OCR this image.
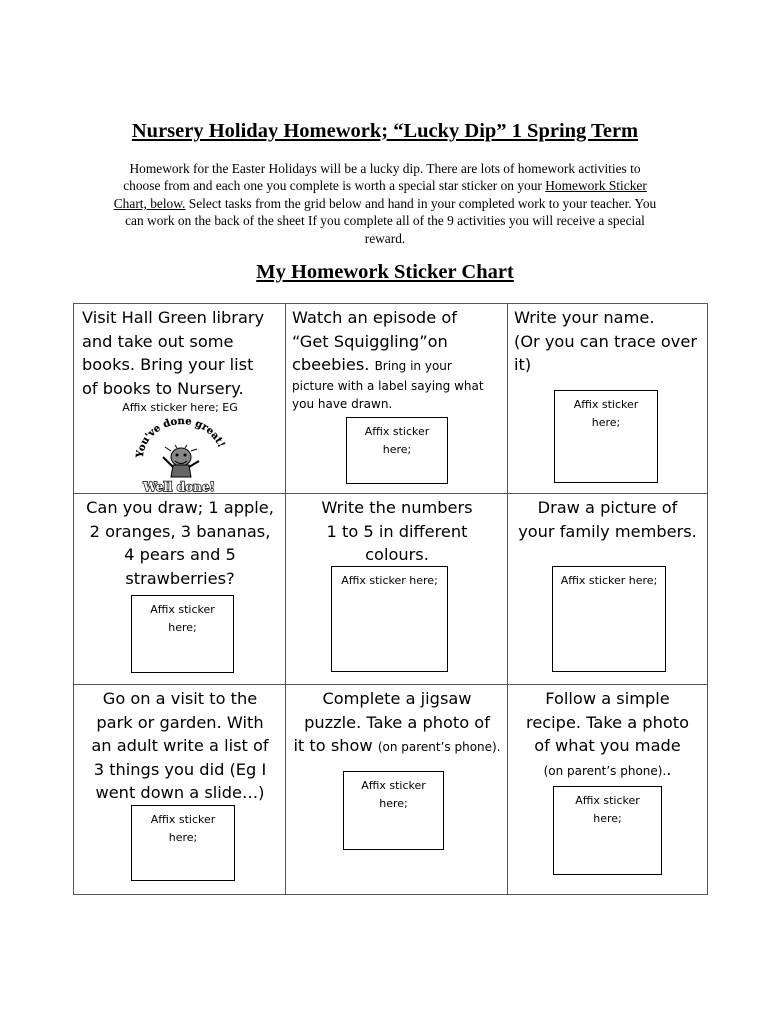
Nursery Holiday Homework; “Lucky Dip” 1 Spring Term
Homework for the Easter Holidays will be a lucky dip. There are lots of homework activities to
choose from and each one you complete is worth a special star sticker on your Homework Sticker
Chart, below. Select tasks from the grid below and hand in your completed work to your teacher. You
can work on the back of the sheet If you complete all of the 9 activities you will receive a special
reward.
My Homework Sticker Chart
Visit Hall Green library
and take out some
books. Bring your list
of books to Nursery.
Affix sticker here; EG
You've done great!
Well done!
Watch an episode of
“Get Squiggling”on
cbeebies. Bring in your
picture with a label saying what
you have drawn.
Affix sticker
here;
Write your name.
(Or you can trace over
it)
Affix sticker
here;
Can you draw; 1 apple,
2 oranges, 3 bananas,
4 pears and 5
strawberries?
Affix sticker
here;
Write the numbers
1 to 5 in different
colours.
Affix sticker here;
Draw a picture of
your family members.
Affix sticker here;
Go on a visit to the
park or garden. With
an adult write a list of
3 things you did (Eg I
went down a slide…)
Affix sticker
here;
Complete a jigsaw
puzzle. Take a photo of
it to show (on parent’s phone).
Affix sticker
here;
Follow a simple
recipe. Take a photo
of what you made
(on parent’s phone)..
Affix sticker
here;
